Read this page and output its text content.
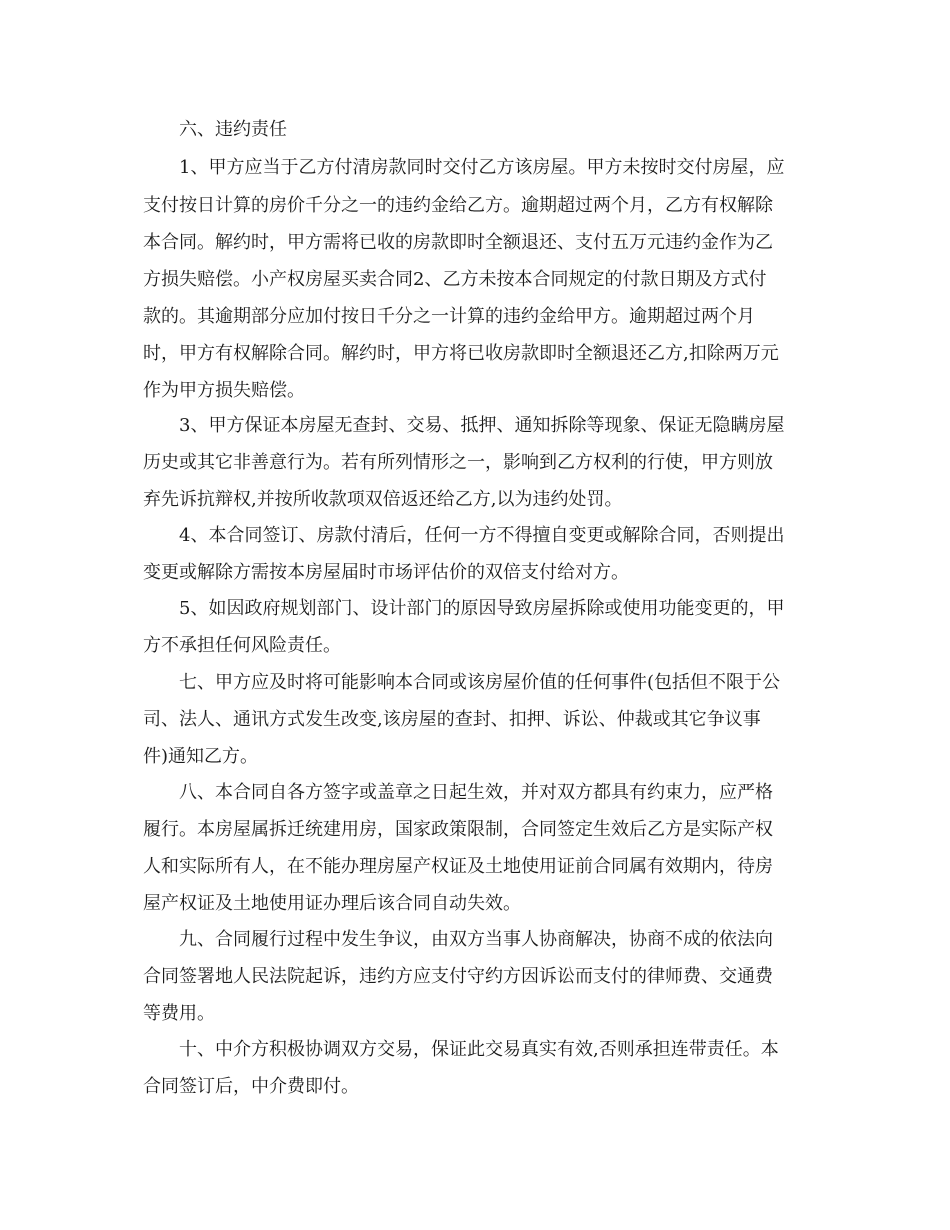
六、违约责任
1、甲方应当于乙方付清房款同时交付乙方该房屋。甲方未按时交付房屋，应
支付按日计算的房价千分之一的违约金给乙方。逾期超过两个月，乙方有权解除
本合同。解约时，甲方需将已收的房款即时全额退还、支付五万元违约金作为乙
方损失赔偿。小产权房屋买卖合同2、乙方未按本合同规定的付款日期及方式付
款的。其逾期部分应加付按日千分之一计算的违约金给甲方。逾期超过两个月
时，甲方有权解除合同。解约时，甲方将已收房款即时全额退还乙方,扣除两万元
作为甲方损失赔偿。
3、甲方保证本房屋无查封、交易、抵押、通知拆除等现象、保证无隐瞒房屋
历史或其它非善意行为。若有所列情形之一，影响到乙方权利的行使，甲方则放
弃先诉抗辩权,并按所收款项双倍返还给乙方,以为违约处罚。
4、本合同签订、房款付清后，任何一方不得擅自变更或解除合同，否则提出
变更或解除方需按本房屋届时市场评估价的双倍支付给对方。
5、如因政府规划部门、设计部门的原因导致房屋拆除或使用功能变更的，甲
方不承担任何风险责任。
七、甲方应及时将可能影响本合同或该房屋价值的任何事件(包括但不限于公
司、法人、通讯方式发生改变,该房屋的查封、扣押、诉讼、仲裁或其它争议事
件)通知乙方。
八、本合同自各方签字或盖章之日起生效，并对双方都具有约束力，应严格
履行。本房屋属拆迁统建用房，国家政策限制，合同签定生效后乙方是实际产权
人和实际所有人，在不能办理房屋产权证及土地使用证前合同属有效期内，待房
屋产权证及土地使用证办理后该合同自动失效。
九、合同履行过程中发生争议，由双方当事人协商解决，协商不成的依法向
合同签署地人民法院起诉，违约方应支付守约方因诉讼而支付的律师费、交通费
等费用。
十、中介方积极协调双方交易，保证此交易真实有效,否则承担连带责任。本
合同签订后，中介费即付。
